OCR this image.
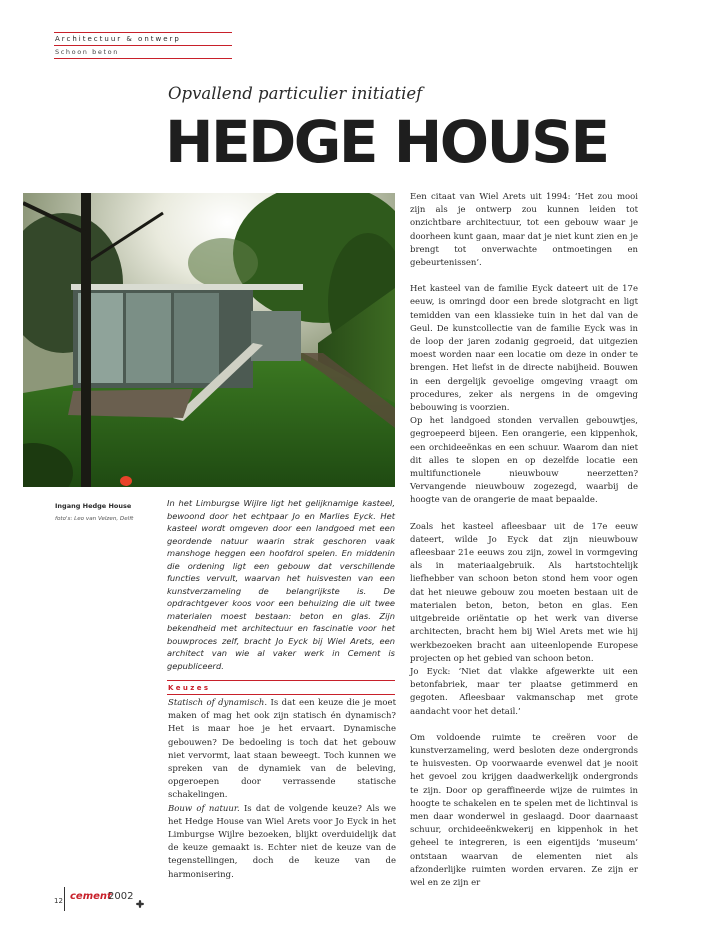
Architectuur & ontwerp
Schoon beton
Opvallend particulier initiatief
HEDGE HOUSE
Ingang Hedge House
foto's: Leo van Velzen, Delft

In het Limburgse Wijlre ligt het gelijknamige kasteel, bewoond door het echtpaar Jo en Marlies Eyck. Het kasteel wordt omgeven door een landgoed met een geordende natuur waarin strak geschoren vaak manshoge heggen een hoofdrol spelen. En middenin die ordening ligt een gebouw dat verschillende functies vervult, waarvan het huisvesten van een kunstverzameling de belangrijkste is. De opdrachtgever koos voor een behuizing die uit twee materialen moest bestaan: beton en glas. Zijn bekendheid met architectuur en fascinatie voor het bouwproces zelf, bracht Jo Eyck bij Wiel Arets, een architect van wie al vaker werk in Cement is gepubliceerd.

Keuzes

Statisch of dynamisch. Is dat een keuze die je moet maken of mag het ook zijn statisch én dynamisch? Het is maar hoe je het ervaart. Dynamische gebouwen? De bedoeling is toch dat het gebouw niet vervormt, laat staan beweegt. Toch kunnen we spreken van de dynamiek van de beleving, opgeroepen door verrassende statische schakelingen.

Bouw of natuur. Is dat de volgende keuze? Als we het Hedge House van Wiel Arets voor Jo Eyck in het Limburgse Wijlre bezoeken, blijkt overduidelijk dat de keuze gemaakt is. Echter niet de keuze van de tegenstellingen, doch de keuze van de harmonisering.

Een citaat van Wiel Arets uit 1994: ‘Het zou mooi zijn als je ontwerp zou kunnen leiden tot onzichtbare architectuur, tot een gebouw waar je doorheen kunt gaan, maar dat je niet kunt zien en je brengt tot onverwachte ontmoetingen en gebeurtenissen’.

Het kasteel van de familie Eyck dateert uit de 17e eeuw, is omringd door een brede slotgracht en ligt temidden van een klassieke tuin in het dal van de Geul. De kunstcollectie van de familie Eyck was in de loop der jaren zodanig gegroeid, dat uitgezien moest worden naar een locatie om deze in onder te brengen. Het liefst in de directe nabijheid. Bouwen in een dergelijk gevoelige omgeving vraagt om procedures, zeker als nergens in de omgeving bebouwing is voorzien.

Op het landgoed stonden vervallen gebouwtjes, gegroepeerd bijeen. Een orangerie, een kippenhok, een orchideeënkas en een schuur. Waarom dan niet dit alles te slopen en op dezelfde locatie een multifunctionele nieuwbouw neerzetten? Vervangende nieuwbouw zogezegd, waarbij de hoogte van de orangerie de maat bepaalde.

Zoals het kasteel afleesbaar uit de 17e eeuw dateert, wilde Jo Eyck dat zijn nieuwbouw afleesbaar 21e eeuws zou zijn, zowel in vormgeving als in materiaalgebruik. Als hartstochtelijk liefhebber van schoon beton stond hem voor ogen dat het nieuwe gebouw zou moeten bestaan uit de materialen beton, beton, beton en glas. Een uitgebreide oriëntatie op het werk van diverse architecten, bracht hem bij Wiel Arets met wie hij werkbezoeken bracht aan uiteenlopende Europese projecten op het gebied van schoon beton.

Jo Eyck: ‘Niet dat vlakke afgewerkte uit een betonfabriek, maar ter plaatse getimmerd en gegoten. Afleesbaar vakmanschap met grote aandacht voor het detail.’

Om voldoende ruimte te creëren voor de kunstverzameling, werd besloten deze ondergronds te huisvesten. Op voorwaarde evenwel dat je nooit het gevoel zou krijgen daadwerkelijk ondergronds te zijn. Door op geraffineerde wijze de ruimtes in hoogte te schakelen en te spelen met de lichtinval is men daar wonderwel in geslaagd. Door daarnaast schuur, orchideeënkwekerij en kippenhok in het geheel te integreren, is een eigentijds ‘museum’ ontstaan waarvan de elementen niet als afzonderlijke ruimten worden ervaren. Ze zijn er wel en ze zijn er

12 cement
2002
